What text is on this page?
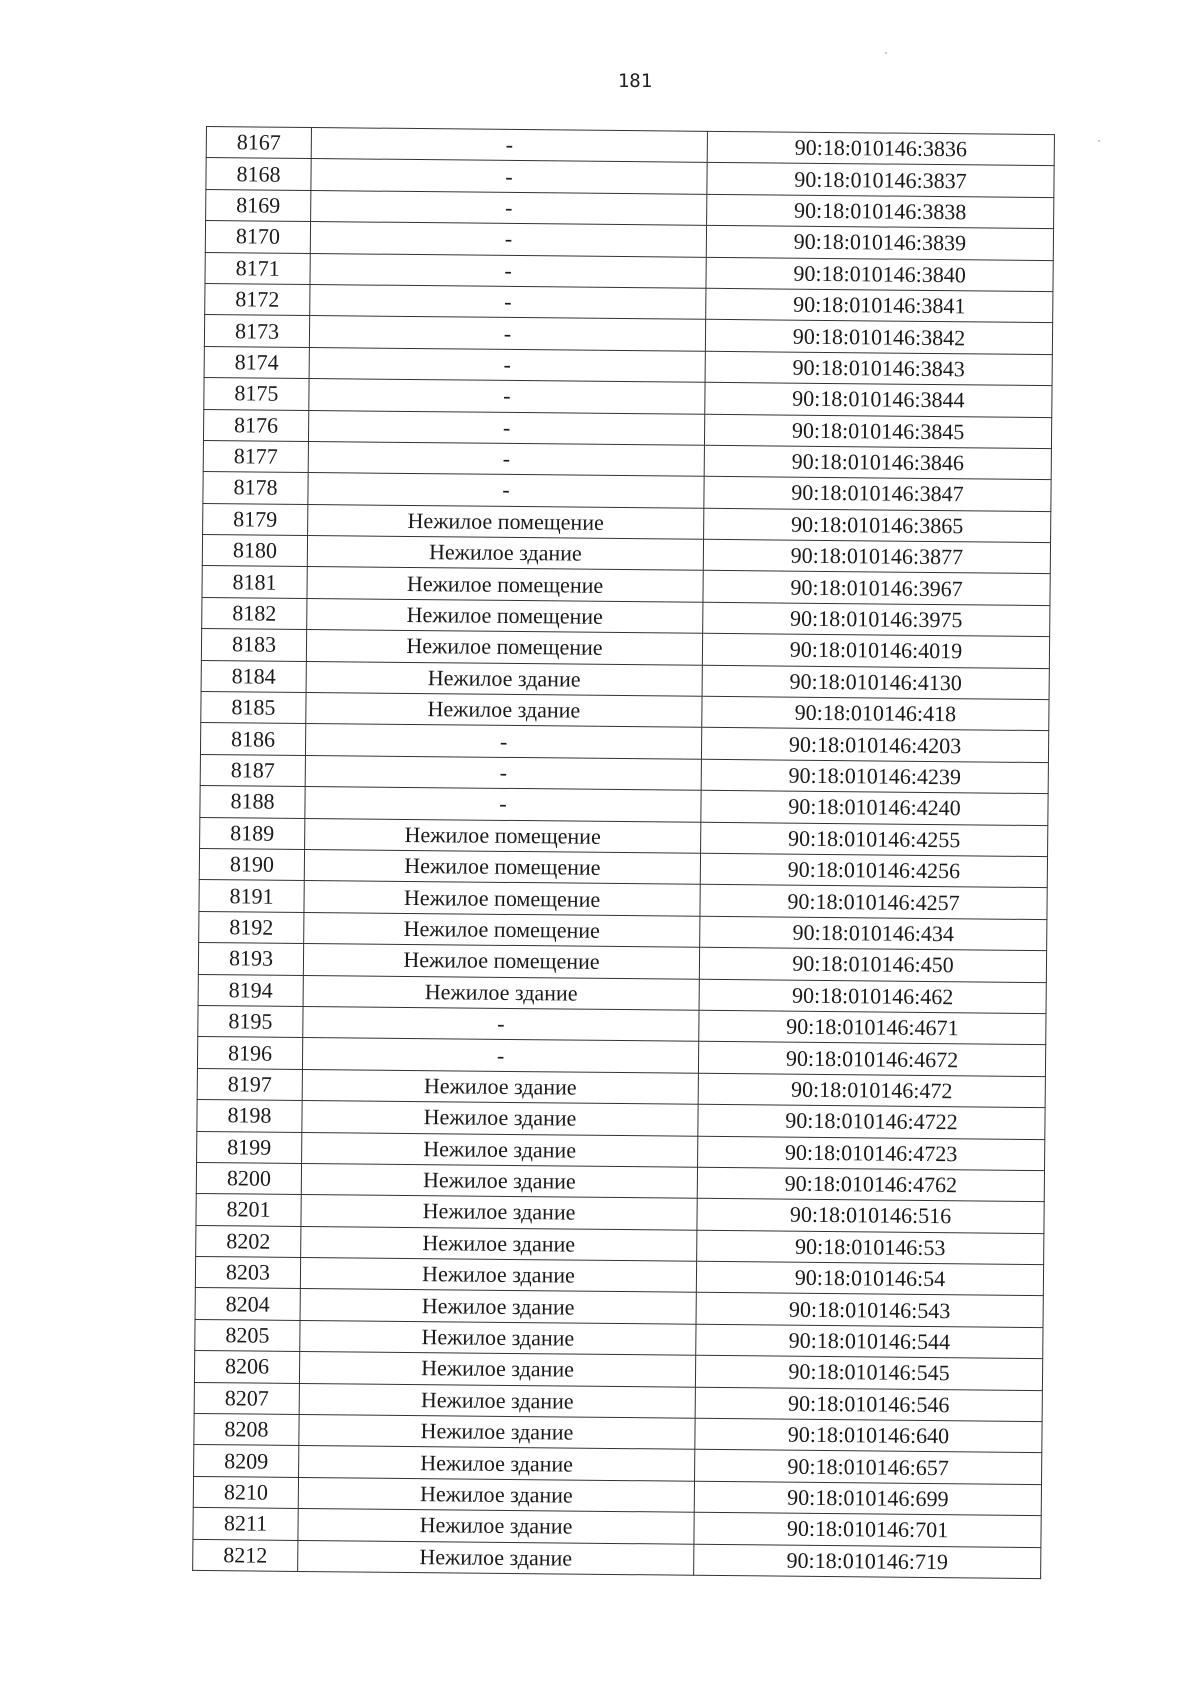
181
8167	-	90:18:010146:3836
8168	-	90:18:010146:3837
8169	-	90:18:010146:3838
8170	-	90:18:010146:3839
8171	-	90:18:010146:3840
8172	-	90:18:010146:3841
8173	-	90:18:010146:3842
8174	-	90:18:010146:3843
8175	-	90:18:010146:3844
8176	-	90:18:010146:3845
8177	-	90:18:010146:3846
8178	-	90:18:010146:3847
8179	Нежилое помещение	90:18:010146:3865
8180	Нежилое здание	90:18:010146:3877
8181	Нежилое помещение	90:18:010146:3967
8182	Нежилое помещение	90:18:010146:3975
8183	Нежилое помещение	90:18:010146:4019
8184	Нежилое здание	90:18:010146:4130
8185	Нежилое здание	90:18:010146:418
8186	-	90:18:010146:4203
8187	-	90:18:010146:4239
8188	-	90:18:010146:4240
8189	Нежилое помещение	90:18:010146:4255
8190	Нежилое помещение	90:18:010146:4256
8191	Нежилое помещение	90:18:010146:4257
8192	Нежилое помещение	90:18:010146:434
8193	Нежилое помещение	90:18:010146:450
8194	Нежилое здание	90:18:010146:462
8195	-	90:18:010146:4671
8196	-	90:18:010146:4672
8197	Нежилое здание	90:18:010146:472
8198	Нежилое здание	90:18:010146:4722
8199	Нежилое здание	90:18:010146:4723
8200	Нежилое здание	90:18:010146:4762
8201	Нежилое здание	90:18:010146:516
8202	Нежилое здание	90:18:010146:53
8203	Нежилое здание	90:18:010146:54
8204	Нежилое здание	90:18:010146:543
8205	Нежилое здание	90:18:010146:544
8206	Нежилое здание	90:18:010146:545
8207	Нежилое здание	90:18:010146:546
8208	Нежилое здание	90:18:010146:640
8209	Нежилое здание	90:18:010146:657
8210	Нежилое здание	90:18:010146:699
8211	Нежилое здание	90:18:010146:701
8212	Нежилое здание	90:18:010146:719
